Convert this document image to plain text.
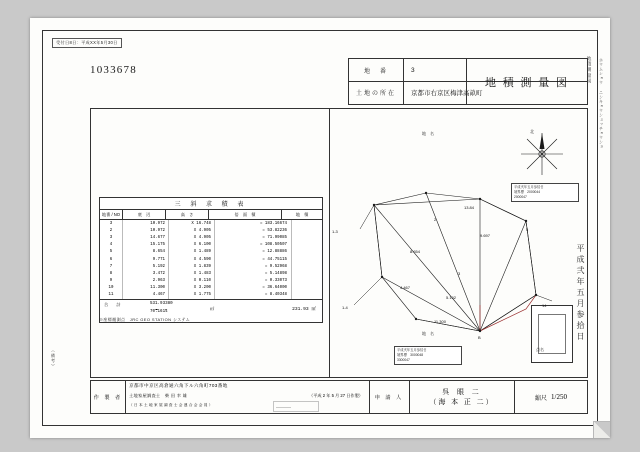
受付日8日：平成XX年5月30日
1033678	地積測量図 ホウムショウ ニシキョウシュッチョウショ
（備考）
平成弐年五月参拾日
地　番	3
土地の所在	京都市右京区梅津高畝町
地 積 測 量 図
三 斜 求 積 表
地番 / NO	底　辺	高　さ	倍　面　積	地　積
3	10.972	X 16.748	= 183.16674
2	10.972	X 4.905	= 53.82236
3	14.677	X 4.905	= 71.99085
4	15.175	X 6.100	= 108.50507
5	8.654	X 1.489	= 12.88886
6	9.771	X 4.590	= 44.75115
7	5.192	X 1.839	= 9.52968
8	3.472	X 1.483	= 5.14898
9	2.963	X 0.110	= 0.33073
10	11.300	X 3.200	= 36.64000
11	4.467	X 1.775	= 8.40348
合　計	531.93380
70.1614	㎡	231.93 ㎡
※座標観測点　JRC GEO STATION システム
平成弐年五月参拾日
境界標　2000044
2000047
平成弐年五月参拾日
境界標　3000048
3300047
地　名
地　名
北
1-3
1-4	14
5
3
2
B
13.84
9.697
8.654
5.192
4.467
11.300
点名
作 製 者
京都市中京区高倉通六角下ル六角町703番地
土地家屋調査士　柴 田 幸 雄
（ 日 本 土 地 家 屋 調 査 士 会 連 合 会 会 員 ）
（平成 2 年 5 月 27 日作製）
———
申 請 人
呉 眼 二
（海 本 正 二）	縮尺 1/250
